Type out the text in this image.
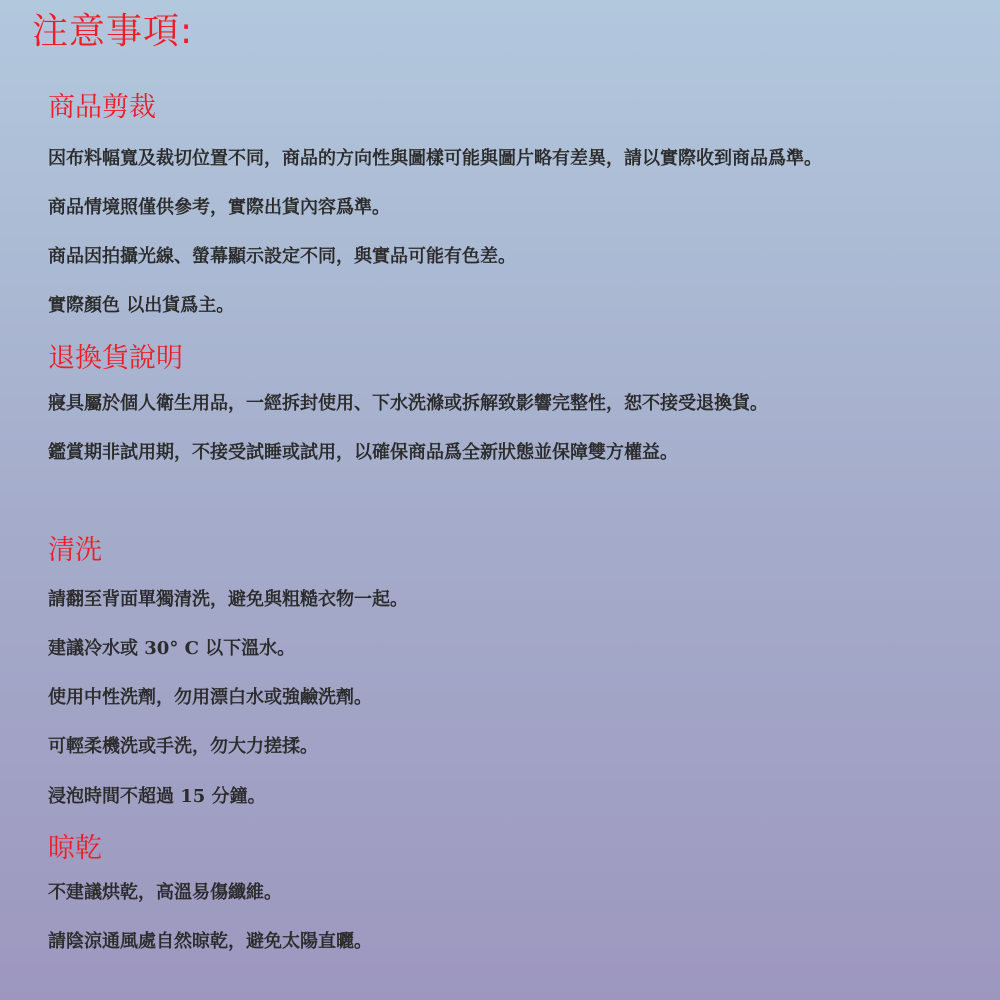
注意事項:
商品剪裁

因布料幅寬及裁切位置不同，商品的方向性與圖樣可能與圖片略有差異，請以實際收到商品爲準。

商品情境照僅供參考，實際出貨內容爲準。

商品因拍攝光線、螢幕顯示設定不同，與實品可能有色差。

實際顏色 以出貨爲主。

退換貨說明

寢具屬於個人衛生用品，一經拆封使用、下水洗滌或拆解致影響完整性，恕不接受退換貨。

鑑賞期非試用期，不接受試睡或試用，以確保商品爲全新狀態並保障雙方權益。

清洗

請翻至背面單獨清洗，避免與粗糙衣物一起。

建議冷水或 30° C 以下溫水。

使用中性洗劑，勿用漂白水或強鹼洗劑。

可輕柔機洗或手洗，勿大力搓揉。

浸泡時間不超過 15 分鐘。

晾乾

不建議烘乾，高溫易傷纖維。

請陰涼通風處自然晾乾，避免太陽直曬。
